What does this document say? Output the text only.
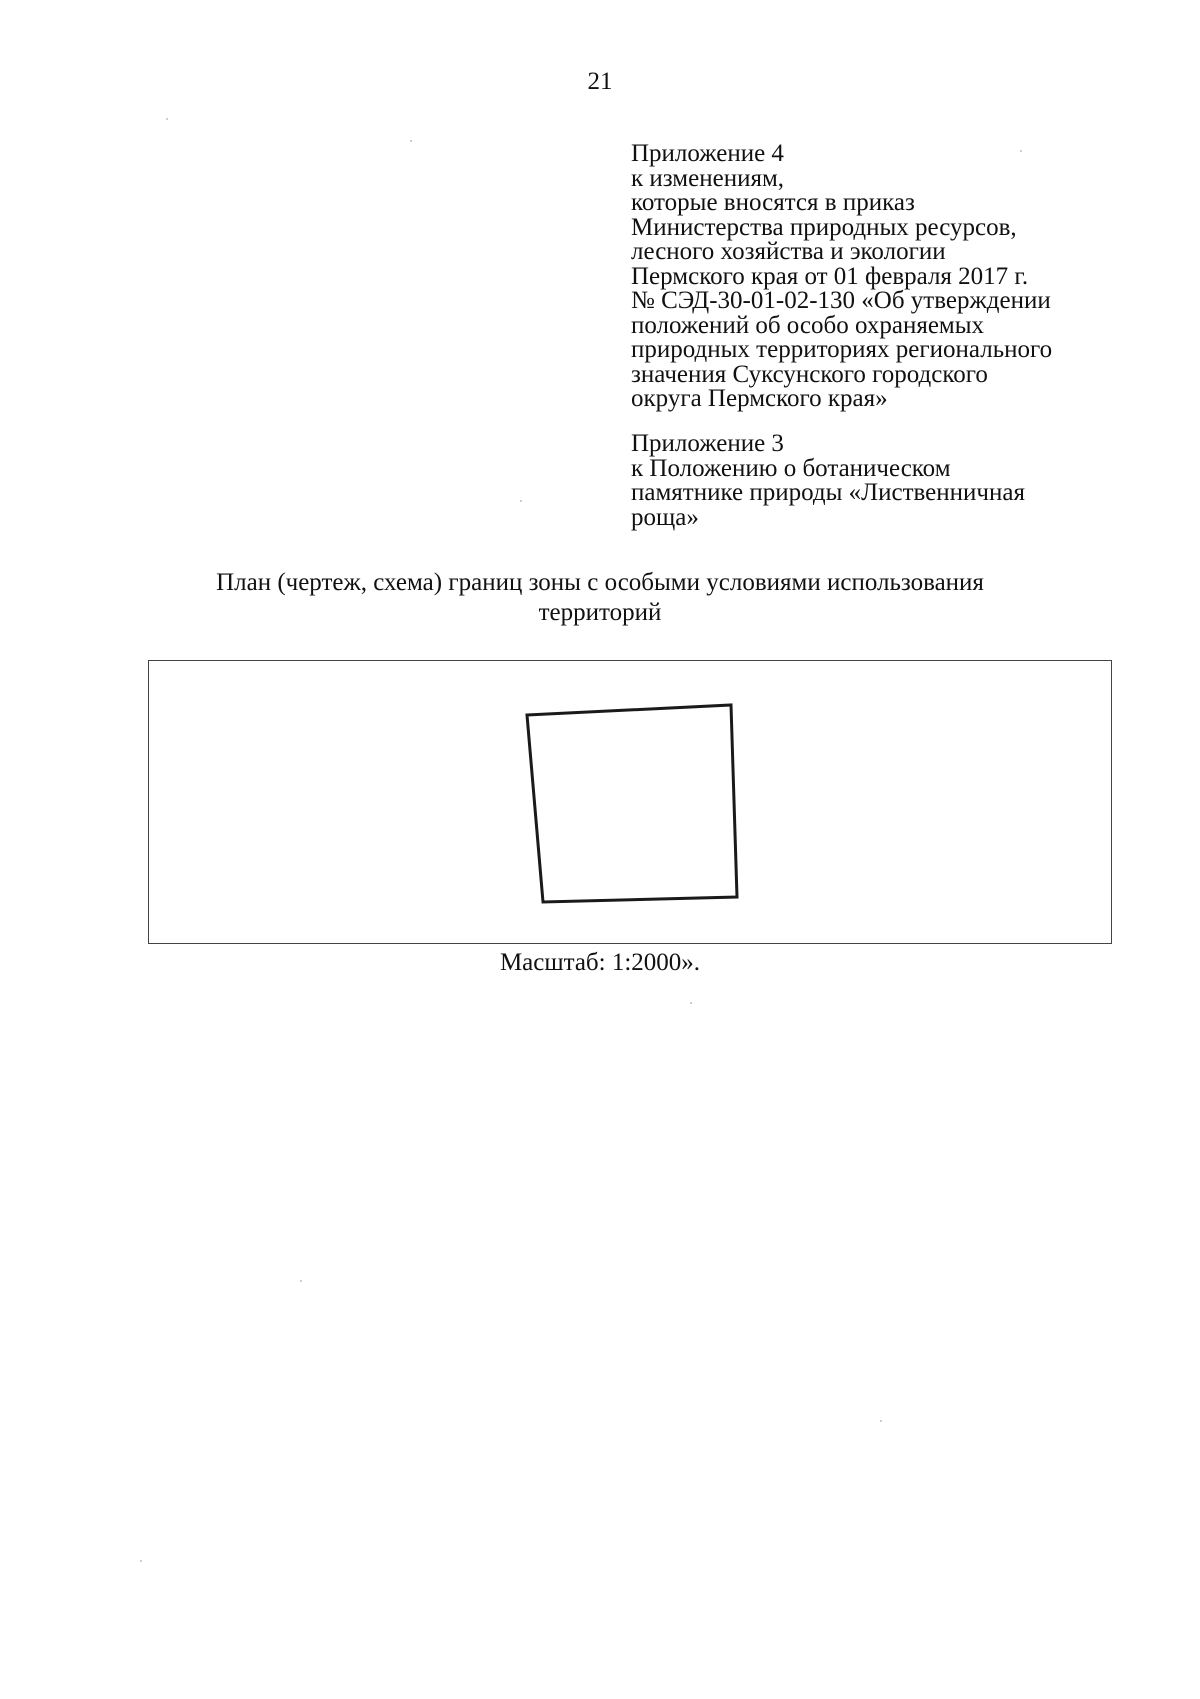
21
Приложение 4
к изменениям,
которые вносятся в приказ
Министерства природных ресурсов,
лесного хозяйства и экологии
Пермского края от 01 февраля 2017 г.
№ СЭД-30-01-02-130 «Об утверждении
положений об особо охраняемых
природных территориях регионального
значения Суксунского городского
округа Пермского края»
Приложение 3
к Положению о ботаническом
памятнике природы «Лиственничная
роща»
План (чертеж, схема) границ зоны с особыми условиями использования
территорий
Масштаб: 1:2000».
